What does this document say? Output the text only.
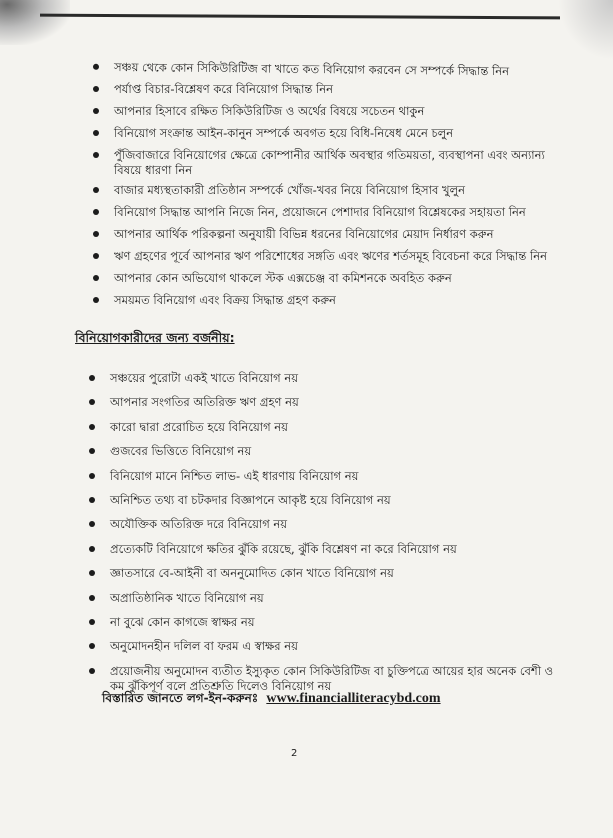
সঞ্চয় থেকে কোন সিকিউরিটিজ বা খাতে কত বিনিয়োগ করবেন সে সম্পর্কে সিদ্ধান্ত নিন
পর্যাপ্ত বিচার-বিশ্লেষণ করে বিনিয়োগ সিদ্ধান্ত নিন
আপনার হিসাবে রক্ষিত সিকিউরিটিজ ও অর্থের বিষয়ে সচেতন থাকুন
বিনিয়োগ সংক্রান্ত আইন-কানুন সম্পর্কে অবগত হয়ে বিধি-নিষেধ মেনে চলুন
পুঁজিবাজারে বিনিয়োগের ক্ষেত্রে কোম্পানীর আর্থিক অবস্থার গতিময়তা, ব্যবস্থাপনা এবং অন্যান্য বিষয়ে ধারণা নিন
বাজার মধ্যস্থতাকারী প্রতিষ্ঠান সম্পর্কে খোঁজ-খবর নিয়ে বিনিয়োগ হিসাব খুলুন
বিনিয়োগ সিদ্ধান্ত আপনি নিজে নিন, প্রয়োজনে পেশাদার বিনিয়োগ বিশ্লেষকের সহায়তা নিন
আপনার আর্থিক পরিকল্পনা অনুযায়ী বিভিন্ন ধরনের বিনিয়োগের মেয়াদ নির্ধারণ করুন
ঋণ গ্রহণের পূর্বে আপনার ঋণ পরিশোধের সঙ্গতি এবং ঋণের শর্তসমূহ বিবেচনা করে সিদ্ধান্ত নিন
আপনার কোন অভিযোগ থাকলে স্টক এক্সচেঞ্জ বা কমিশনকে অবহিত করুন
সময়মত বিনিয়োগ এবং বিক্রয় সিদ্ধান্ত গ্রহণ করুন
বিনিয়োগকারীদের জন্য বর্জনীয়:
সঞ্চয়ের পুরোটা একই খাতে বিনিয়োগ নয়
আপনার সংগতির অতিরিক্ত ঋণ গ্রহণ নয়
কারো দ্বারা প্ররোচিত হয়ে বিনিয়োগ নয়
গুজবের ভিত্তিতে বিনিয়োগ নয়
বিনিয়োগ মানে নিশ্চিত লাভ- এই ধারণায় বিনিয়োগ নয়
অনিশ্চিত তথ্য বা চটকদার বিজ্ঞাপনে আকৃষ্ট হয়ে বিনিয়োগ নয়
অযৌক্তিক অতিরিক্ত দরে বিনিয়োগ নয়
প্রত্যেকটি বিনিয়োগে ক্ষতির ঝুঁকি রয়েছে, ঝুঁকি বিশ্লেষণ না করে বিনিয়োগ নয়
জ্ঞাতসারে বে-আইনী বা অননুমোদিত কোন খাতে বিনিয়োগ নয়
অপ্রাতিষ্ঠানিক খাতে বিনিয়োগ নয়
না বুঝে কোন কাগজে স্বাক্ষর নয়
অনুমোদনহীন দলিল বা ফরম এ স্বাক্ষর নয়
প্রয়োজনীয় অনুমোদন ব্যতীত ইস্যুকৃত কোন সিকিউরিটিজ বা চুক্তিপত্রে আয়ের হার অনেক বেশী ও কম ঝুঁকিপূর্ণ বলে প্রতিশ্রুতি দিলেও বিনিয়োগ নয়
বিস্তারিত জানতে লগ-ইন-করুনঃ www.financialliteracybd.com
2
